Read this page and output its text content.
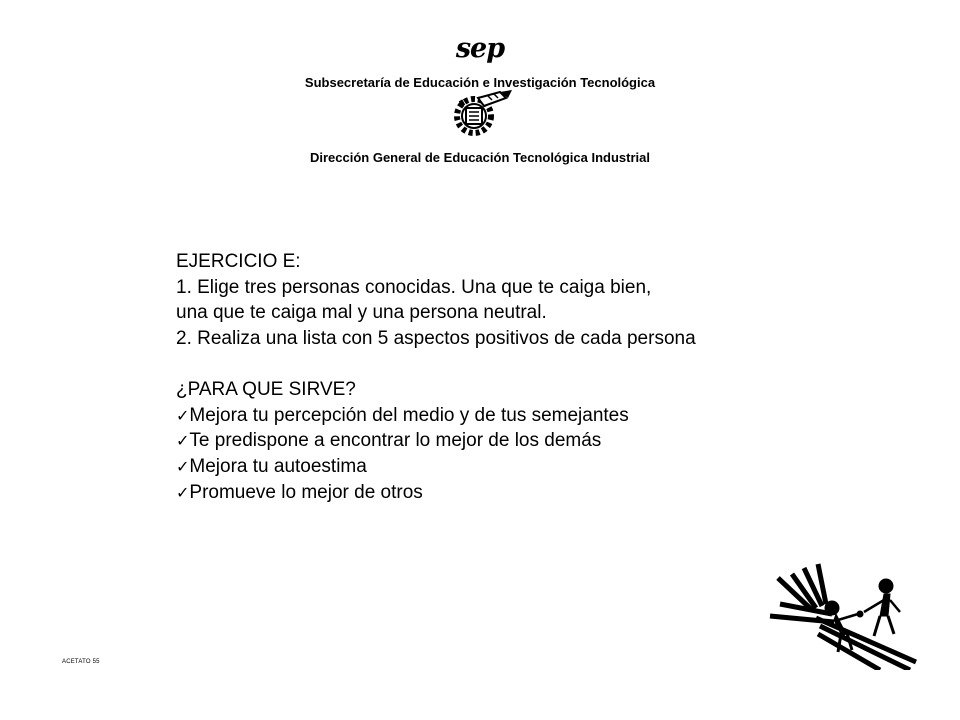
sep
Subsecretaría de Educación e Investigación Tecnológica
Dirección General de Educación Tecnológica Industrial
EJERCICIO E:
1. Elige tres personas conocidas. Una que te caiga bien,
una que te caiga mal y una persona neutral.
2. Realiza una lista con 5 aspectos positivos de cada persona
¿PARA QUE SIRVE?
✓Mejora tu percepción del medio y de tus semejantes
✓Te predispone a encontrar lo mejor de los demás
✓Mejora tu autoestima
✓Promueve lo mejor de otros
ACETATO 55
